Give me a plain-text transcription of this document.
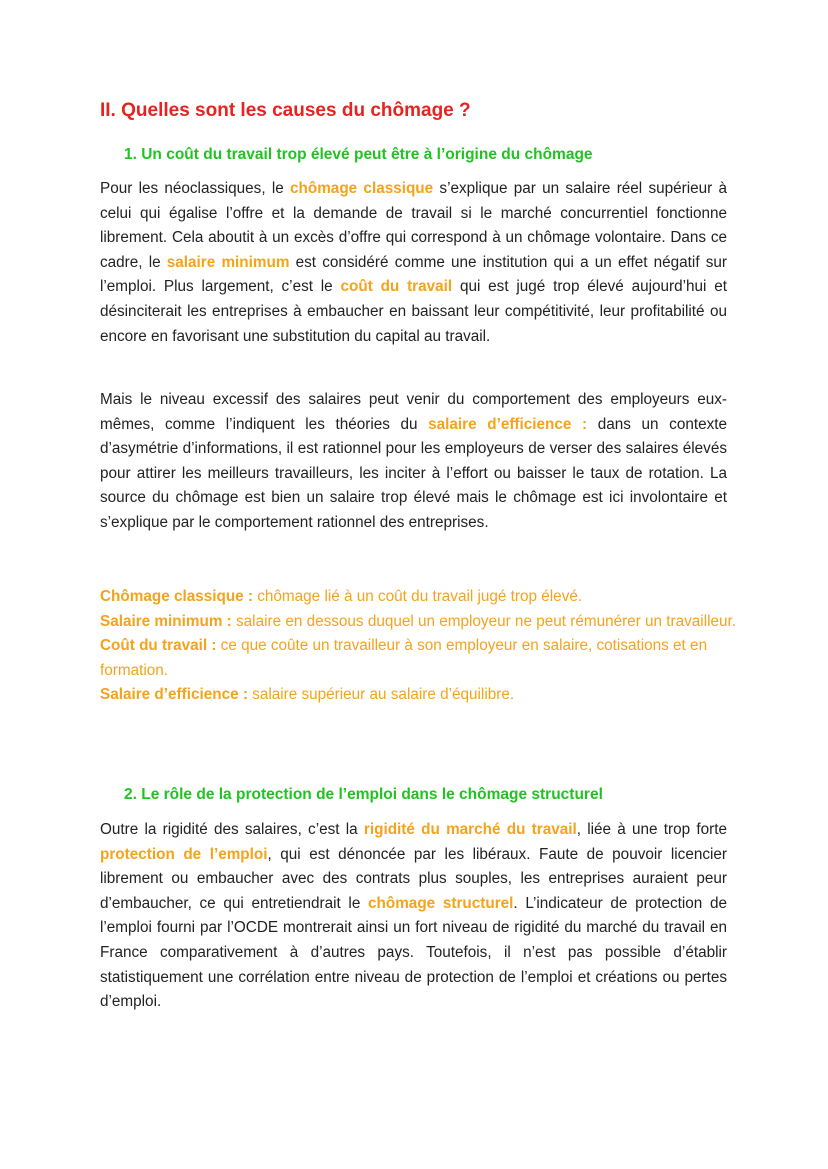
II. Quelles sont les causes du chômage ?
1. Un coût du travail trop élevé peut être à l’origine du chômage

Pour les néoclassiques, le chômage classique s’explique par un salaire réel supérieur à celui qui égalise l’offre et la demande de travail si le marché concurrentiel fonctionne librement. Cela aboutit à un excès d’offre qui correspond à un chômage volontaire. Dans ce cadre, le salaire minimum est considéré comme une institution qui a un effet négatif sur l’emploi. Plus largement, c’est le coût du travail qui est jugé trop élevé aujourd’hui et désinciterait les entreprises à embaucher en baissant leur compétitivité, leur profitabilité ou encore en favorisant une substitution du capital au travail.

Mais le niveau excessif des salaires peut venir du comportement des employeurs eux-mêmes, comme l’indiquent les théories du salaire d’efficience : dans un contexte d’asymétrie d’informations, il est rationnel pour les employeurs de verser des salaires élevés pour attirer les meilleurs travailleurs, les inciter à l’effort ou baisser le taux de rotation. La source du chômage est bien un salaire trop élevé mais le chômage est ici involontaire et s’explique par le comportement rationnel des entreprises.

Chômage classique : chômage lié à un coût du travail jugé trop élevé.
Salaire minimum : salaire en dessous duquel un employeur ne peut rémunérer un travailleur.
Coût du travail : ce que coûte un travailleur à son employeur en salaire, cotisations et en formation.
Salaire d’efficience : salaire supérieur au salaire d’équilibre.
2. Le rôle de la protection de l’emploi dans le chômage structurel

Outre la rigidité des salaires, c’est la rigidité du marché du travail, liée à une trop forte protection de l’emploi, qui est dénoncée par les libéraux. Faute de pouvoir licencier librement ou embaucher avec des contrats plus souples, les entreprises auraient peur d’embaucher, ce qui entretiendrait le chômage structurel. L’indicateur de protection de l’emploi fourni par l’OCDE montrerait ainsi un fort niveau de rigidité du marché du travail en France comparativement à d’autres pays. Toutefois, il n’est pas possible d’établir statistiquement une corrélation entre niveau de protection de l’emploi et créations ou pertes d’emploi.
